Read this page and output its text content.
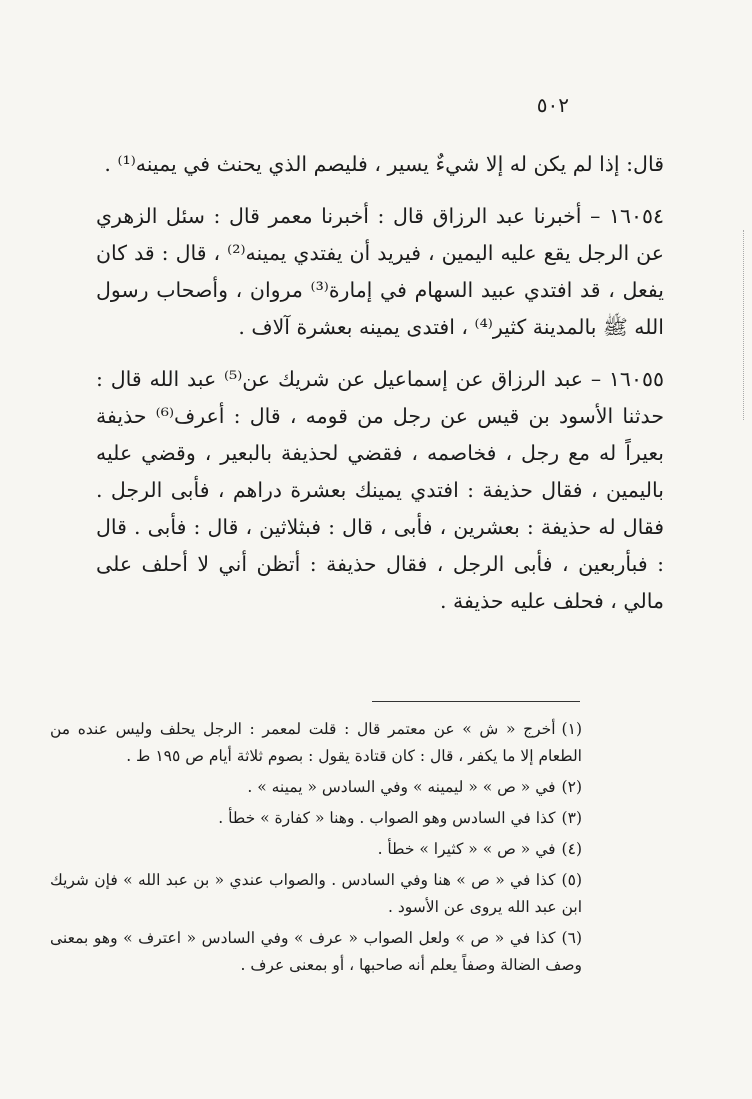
٥٠٢

قال: إذا لم يكن له إلا شيءٌ يسير ، فليصم الذي يحنث في يمينه⁽¹⁾ .

١٦٠٥٤ – أخبرنا عبد الرزاق قال : أخبرنا معمر قال : سئل الزهري عن الرجل يقع عليه اليمين ، فيريد أن يفتدي يمينه⁽²⁾ ، قال : قد كان يفعل ، قد افتدي عبيد السهام في إمارة⁽³⁾ مروان ، وأصحاب رسول الله ﷺ بالمدينة كثير⁽⁴⁾ ، افتدى يمينه بعشرة آلاف .

١٦٠٥٥ – عبد الرزاق عن إسماعيل عن شريك عن⁽⁵⁾ عبد الله قال : حدثنا الأسود بن قيس عن رجل من قومه ، قال : أعرف⁽⁶⁾ حذيفة بعيراً له مع رجل ، فخاصمه ، فقضي لحذيفة بالبعير ، وقضي عليه باليمين ، فقال حذيفة : افتدي يمينك بعشرة دراهم ، فأبى الرجل . فقال له حذيفة : بعشرين ، فأبى ، قال : فبثلاثين ، قال : فأبى . قال : فبأربعين ، فأبى الرجل ، فقال حذيفة : أتظن أني لا أحلف على مالي ، فحلف عليه حذيفة .

(١)أخرج « ش » عن معتمر قال : قلت لمعمر : الرجل يحلف وليس عنده من الطعام إلا ما يكفر ، قال : كان قتادة يقول : بصوم ثلاثة أيام ص ١٩٥ ط .

(٢)في « ص » « ليمينه » وفي السادس « يمينه » .

(٣)كذا في السادس وهو الصواب . وهنا « كفارة » خطأ .

(٤)في « ص » « كثيرا » خطأ .

(٥)كذا في « ص » هنا وفي السادس . والصواب عندي « بن عبد الله » فإن شريك ابن عبد الله يروى عن الأسود .

(٦)كذا في « ص » ولعل الصواب « عرف » وفي السادس « اعترف » وهو بمعنى وصف الضالة وصفاً يعلم أنه صاحبها ، أو بمعنى عرف .
